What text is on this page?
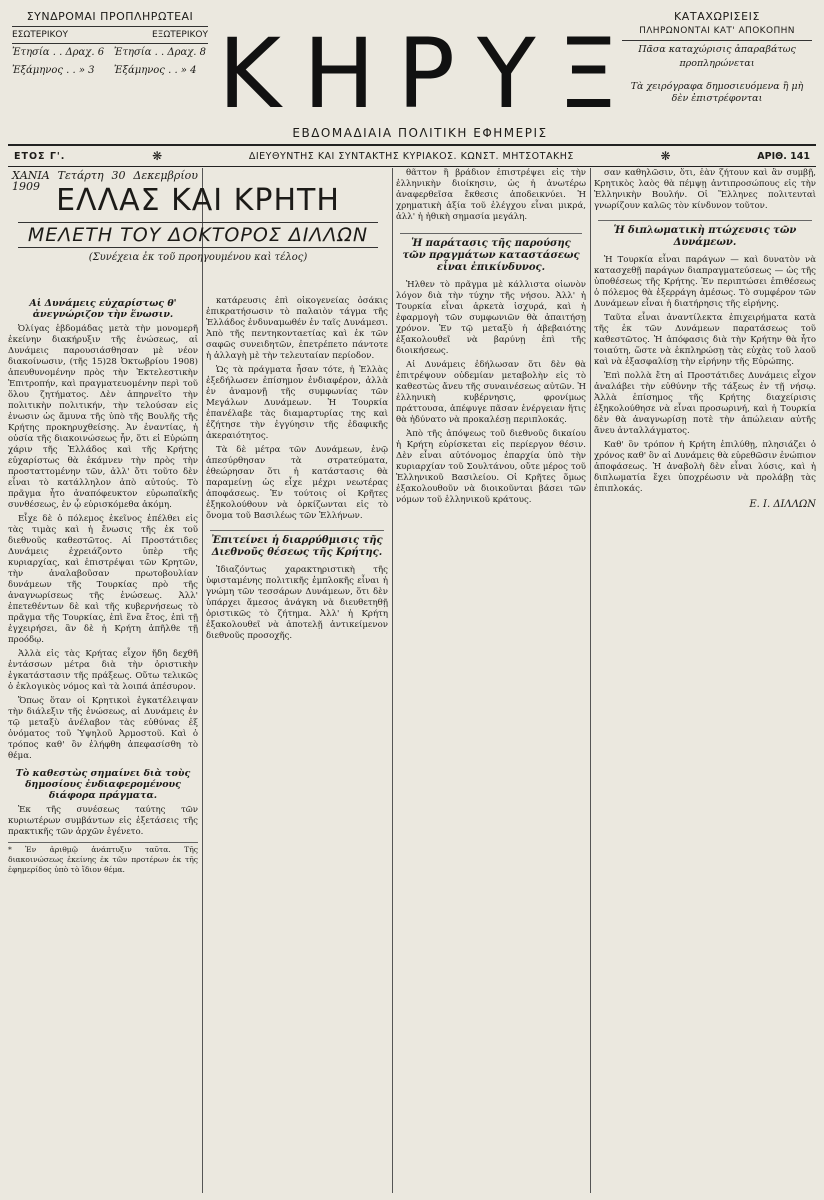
ΣΥΝΔΡΟΜΑΙ ΠΡΟΠΛΗΡΩΤΕΑΙ
ΕΣΩΤΕΡΙΚΟΥ	ΕΞΩΤΕΡΙΚΟΥ
Ἐτησία . . Δραχ. 6 Ἐτησία . . Δραχ. 8
Ἐξάμηνος . . » 3	Ἐξάμηνος . . » 4 ΚΗΡΥΞ
ΕΒΔΟΜΑΔΙΑΙΑ ΠΟΛΙΤΙΚΗ ΕΦΗΜΕΡΙΣ
ΚΑΤΑΧΩΡΙΣΕΙΣ
ΠΛΗΡΩΝΟΝΤΑΙ ΚΑΤ' ΑΠΟΚΟΠΗΝ
Πᾶσα καταχώρισις ἀπαραβάτως προπληρώνεται
Τὰ χειρόγραφα δημοσιευόμενα ἢ μὴ δὲν ἐπιστρέφονται
ΕΤΟΣ Γ'.	❋	ΔΙΕΥΘΥΝΤΗΣ ΚΑΙ ΣΥΝΤΑΚΤΗΣ ΚΥΡΙΑΚΟΣ. ΚΩΝΣΤ. ΜΗΤΣΟΤΑΚΗΣ	❋	ΑΡΙΘ. 141
ΕΛΛΑΣ ΚΑΙ ΚΡΗΤΗ
ΜΕΛΕΤΗ ΤΟΥ ΔΟΚΤΟΡΟΣ ΔΙΛΛΩΝ
(Συνέχεια ἐκ τοῦ προηγουμένου καὶ τέλος)
ΧΑΝΙΑ Τετάρτη 30 Δεκεμβρίου 1909
Αἱ Δυνάμεις εὐχαρίστως θ' ἀνεγνώριζον τὴν ἕνωσιν.

Ὀλίγας ἑβδομάδας μετὰ τὴν μονομερῆ ἐκείνην διακήρυξιν τῆς ἑνώσεως, αἱ Δυνάμεις παρουσιάσθησαν μὲ νέον διακοίνωσιν, (τῆς 15)28 Ὀκτωβρίου 1908) ἀπευθυνομένην πρὸς τὴν Ἐκτελεστικὴν Ἐπιτροπήν, καὶ πραγματευομένην περὶ τοῦ ὅλου ζητήματος. Δὲν ἀπηρνεῖτο τὴν πολιτικὴν πολιτικήν, τὴν τελούσαν εἰς ἐνωσιν ὡς ἄμυνα τῆς ὑπὸ τῆς Βουλῆς τῆς Κρήτης προκηρυχθείσης. Ἀν ἐναντίας, ἡ οὐσία τῆς διακοινώσεως ἦν, ὅτι εἰ Εὐρώπη χάριν τῆς Ἑλλάδος καὶ τῆς Κρήτης εὐχαρίστως θὰ ἐκάμνεν τὴν πρὸς τὴν προσταττομένην τῶν, ἀλλ' ὅτι τοῦτο δὲν εἶναι τὸ κατάλληλον ἀπὸ αὐτούς. Τὸ πρᾶγμα ἦτο ἀναπόφευκτον εὐρωπαϊκῆς συνθέσεως, ἐν ᾧ εὑρισκόμεθα ἀκόμη.

Εἶχε δὲ ὁ πόλεμος ἐκεῖνος ἐπέλθει εἰς τὰς τιμὰς καὶ ἡ ἔνωσις τῆς ἐκ τοῦ διεθνοῦς καθεστῶτος. Αἱ Προστάτιδες Δυνάμεις ἐχρειάζοντο ὑπὲρ τῆς κυριαρχίας, καὶ ἐπιστρέψαι τῶν Κρητῶν, τὴν ἀναλαβοῦσαν πρωτοβουλίαν δυνάμεων τῆς Τουρκίας πρὸ τῆς ἀναγνωρίσεως τῆς ἑνώσεως. Ἀλλ' ἐπετεθέντων δὲ καὶ τῆς κυβερνήσεως τὸ πρᾶγμα τῆς Τουρκίας, ἐπὶ ἕνα ἔτος, ἐπὶ τῇ ἐγχειρήσει, ἂν δὲ ἡ Κρήτη ἀπῆλθε τῇ προόδῳ.

Ἀλλὰ εἰς τὰς Κρήτας εἶχον ἤδη δεχθῆ ἐντάσσων μέτρα διὰ τὴν ὁριστικὴν ἐγκατάστασιν τῆς πράξεως. Οὕτω τελικῶς ὁ ἐκλογικὸς νόμος καὶ τὰ λοιπά ἀπέσυρον.

Ὅπως ὅταν οἱ Κρητικοὶ ἐγκατέλειψαν τὴν διάλεξιν τῆς ἐνώσεως, αἱ Δυνάμεις ἐν τῷ μεταξὺ ἀνέλαβον τὰς εὐθύνας ἐξ ὀνόματος τοῦ Ὑψηλοῦ Ἀρμοστοῦ. Καὶ ὁ τρόπος καθ' ὃν ἐλήφθη ἀπεφασίσθη τὸ θέμα.

Τὸ καθεστὼς σημαίνει διὰ τοὺς δημοσίους ἐνδιαφερομένους διάφορα πράγματα.

Ἐκ τῆς συνέσεως ταύτης τῶν κυριωτέρων συμβάντων εἰς ἐξετάσεις τῆς πρακτικῆς τῶν ἀρχῶν ἐγένετο.

* Ἐν ἀριθμῷ ἀνάπτυξιν ταῦτα. Τῆς διακοινώσεως ἐκείνης ἐκ τῶν προτέρων ἐκ τῆς ἐφημερίδος ὑπὸ τὸ ἴδιον θέμα.

κατάρευσις ἐπὶ οἰκογενείας ὀσάκις ἐπικρατήσωσιν τὸ παλαιὸν τάγμα τῆς Ἑλλάδος ἐνδυναμωθέν ἐν ταῖς Δυνάμεσι. Ἀπὸ τῆς πεντηκονταετίας καὶ ἐκ τῶν σαφῶς συνειδητῶν, ἐπετρέπετο πάντοτε ἡ ἀλλαγὴ μὲ τὴν τελευταίαν περίοδον.

Ὡς τὰ πράγματα ἦσαν τότε, ἡ Ἑλλὰς ἐξεδήλωσεν ἐπίσημον ἐνδιαφέρον, ἀλλὰ ἐν ἀναμονῇ τῆς συμφωνίας τῶν Μεγάλων Δυνάμεων. Ἡ Τουρκία ἐπανέλαβε τὰς διαμαρτυρίας της καὶ ἐζήτησε τὴν ἐγγύησιν τῆς ἐδαφικῆς ἀκεραιότητος.

Τὰ δὲ μέτρα τῶν Δυνάμεων, ἐνῷ ἀπεσύρθησαν τὰ στρατεύματα, ἐθεώρησαν ὅτι ἡ κατάστασις θὰ παραμείνῃ ὡς εἶχε μέχρι νεωτέρας ἀποφάσεως. Ἐν τούτοις οἱ Κρῆτες ἐξηκολούθουν νὰ ὁρκίζωνται εἰς τὸ ὄνομα τοῦ Βασιλέως τῶν Ἑλλήνων.

Ἐπιτείνει ἡ διαρρύθμισις τῆς Διεθνοῦς θέσεως τῆς Κρήτης.

Ἰδιαζόντως χαρακτηριστικὴ τῆς ὑφισταμένης πολιτικῆς ἐμπλοκῆς εἶναι ἡ γνώμη τῶν τεσσάρων Δυνάμεων, ὅτι δὲν ὑπάρχει ἄμεσος ἀνάγκη νὰ διευθετηθῇ ὁριστικῶς τὸ ζήτημα. Ἀλλ' ἡ Κρήτη ἐξακολουθεῖ νὰ ἀποτελῇ ἀντικείμενον διεθνοῦς προσοχῆς.

θᾶττον ἢ βράδιον ἐπιστρέψει εἰς τὴν ἐλληνικὴν διοίκησιν, ὡς ἡ ἀνωτέρω ἀναφερθεῖσα ἔκθεσις ἀποδεικνύει. Ἡ χρηματικὴ ἀξία τοῦ ἐλέγχου εἶναι μικρά, ἀλλ' ἡ ἠθικὴ σημασία μεγάλη.

Ἡ παράτασις τῆς παρούσης τῶν πραγμάτων καταστάσεως εἶναι ἐπικίνδυνος.

Ἠλθεν τὸ πρᾶγμα μὲ κάλλιστα οἰωνὸν λόγον διὰ τὴν τύχην τῆς νήσου. Ἀλλ' ἡ Τουρκία εἶναι ἀρκετὰ ἰσχυρά, καὶ ἡ ἐφαρμογὴ τῶν συμφωνιῶν θὰ ἀπαιτήσῃ χρόνον. Ἐν τῷ μεταξὺ ἡ ἀβεβαιότης ἐξακολουθεῖ νὰ βαρύνῃ ἐπὶ τῆς διοικήσεως.

Αἱ Δυνάμεις ἐδήλωσαν ὅτι δὲν θὰ ἐπιτρέψουν οὐδεμίαν μεταβολὴν εἰς τὸ καθεστὼς ἄνευ τῆς συναινέσεως αὐτῶν. Ἡ ἑλληνικὴ κυβέρνησις, φρονίμως πράττουσα, ἀπέφυγε πᾶσαν ἐνέργειαν ἥτις θὰ ἠδύνατο νὰ προκαλέσῃ περιπλοκάς.

Ἀπὸ τῆς ἀπόψεως τοῦ διεθνοῦς δικαίου ἡ Κρήτη εὑρίσκεται εἰς περίεργον θέσιν. Δὲν εἶναι αὐτόνομος ἐπαρχία ὑπὸ τὴν κυριαρχίαν τοῦ Σουλτάνου, οὔτε μέρος τοῦ Ἑλληνικοῦ Βασιλείου. Οἱ Κρῆτες ὅμως ἐξακολουθοῦν νὰ διοικοῦνται βάσει τῶν νόμων τοῦ ἑλληνικοῦ κράτους.

σαν καθηλῶσιν, ὅτι, ἐὰν ζήτουν καὶ ἂν συμβῇ, Κρητικὸς λαὸς θὰ πέμψῃ ἀντιπροσώπους εἰς τὴν Ἑλληνικὴν Βουλήν. Οἱ Ἕλληνες πολιτευταὶ γνωρίζουν καλῶς τὸν κίνδυνον τοῦτον.

Ἡ διπλωματικὴ πτώχευσις τῶν Δυνάμεων.

Ἡ Τουρκία εἶναι παράγων — καὶ δυνατὸν νὰ κατασχεθῇ παράγων διαπραγματεύσεως — ὡς τῆς ὑποθέσεως τῆς Κρήτης. Ἐν περιπτώσει ἐπιθέσεως ὁ πόλεμος θὰ ἐξερράγη ἀμέσως. Τὸ συμφέρον τῶν Δυνάμεων εἶναι ἡ διατήρησις τῆς εἰρήνης.

Ταῦτα εἶναι ἀναντίλεκτα ἐπιχειρήματα κατὰ τῆς ἐκ τῶν Δυνάμεων παρατάσεως τοῦ καθεστῶτος. Ἡ ἀπόφασις διὰ τὴν Κρήτην θὰ ἦτο τοιαύτη, ὥστε νὰ ἐκπληρώσῃ τὰς εὐχὰς τοῦ λαοῦ καὶ νὰ ἐξασφαλίσῃ τὴν εἰρήνην τῆς Εὐρώπης.

Ἐπὶ πολλὰ ἔτη αἱ Προστάτιδες Δυνάμεις εἶχον ἀναλάβει τὴν εὐθύνην τῆς τάξεως ἐν τῇ νήσῳ. Ἀλλὰ ἐπίσημος τῆς Κρήτης διαχείρισις ἐξηκολούθησε νὰ εἶναι προσωρινή, καὶ ἡ Τουρκία δὲν θὰ ἀναγνωρίσῃ ποτὲ τὴν ἀπώλειαν αὐτῆς ἄνευ ἀνταλλάγματος.

Καθ' ὃν τρόπον ἡ Κρήτη ἐπιλύθῃ, πλησιάζει ὁ χρόνος καθ' ὃν αἱ Δυνάμεις θὰ εὑρεθῶσιν ἐνώπιον ἀποφάσεως. Ἡ ἀναβολὴ δὲν εἶναι λύσις, καὶ ἡ διπλωματία ἔχει ὑποχρέωσιν νὰ προλάβῃ τὰς ἐπιπλοκάς.

Ε. Ι. ΔΙΛΛΩΝ
